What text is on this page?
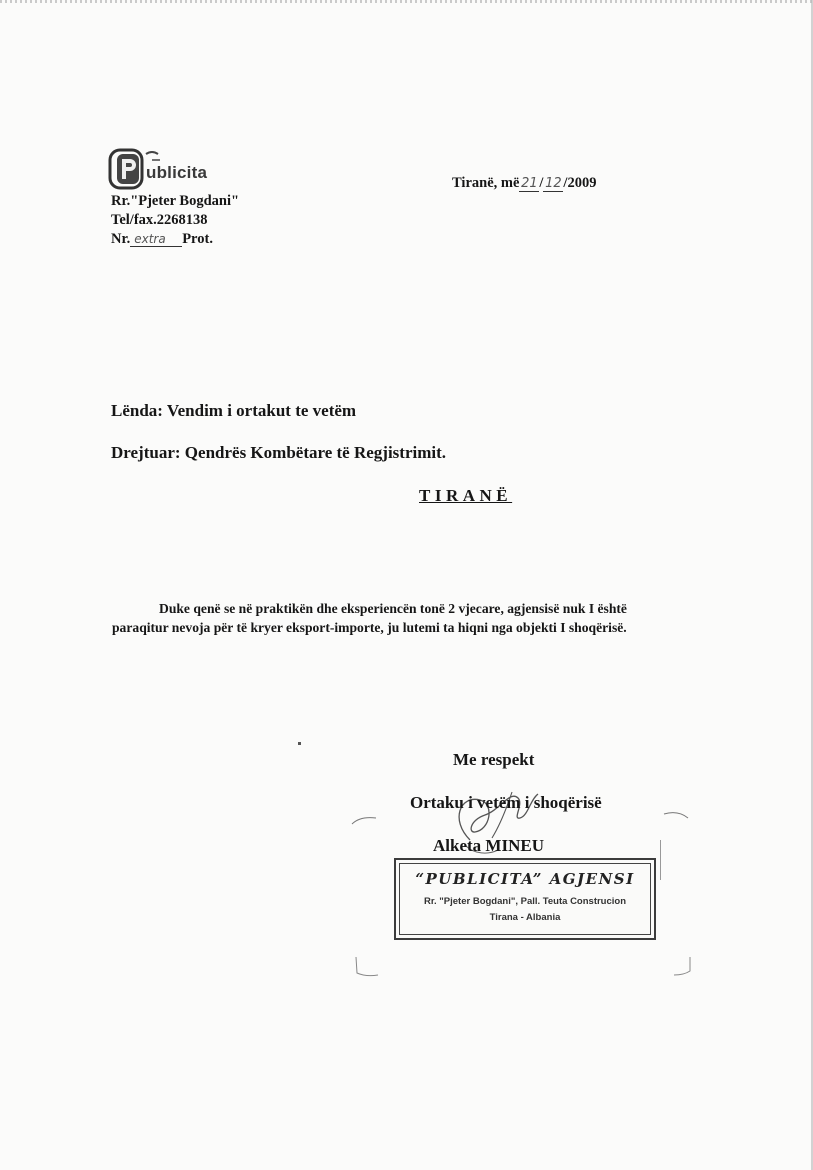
ublicita
Rr."Pjeter Bogdani"
Tel/fax.2268138
Nr. extra Prot.
Tiranë, më 21 / 12 /2009
Lënda: Vendim i ortakut te vetëm
Drejtuar: Qendrës Kombëtare të Regjistrimit.
TIRANË
Duke qenë se në praktikën dhe eksperiencën tonë 2 vjecare, agjensisë nuk I është paraqitur nevoja për të kryer eksport-importe, ju lutemi ta hiqni nga objekti I shoqërisë.
Me respekt
Ortaku i vetëm i shoqërisë
Alketa MINEU
“PUBLICITA” AGJENSI
Rr. "Pjeter Bogdani", Pall. Teuta Construcion
Tirana - Albania
